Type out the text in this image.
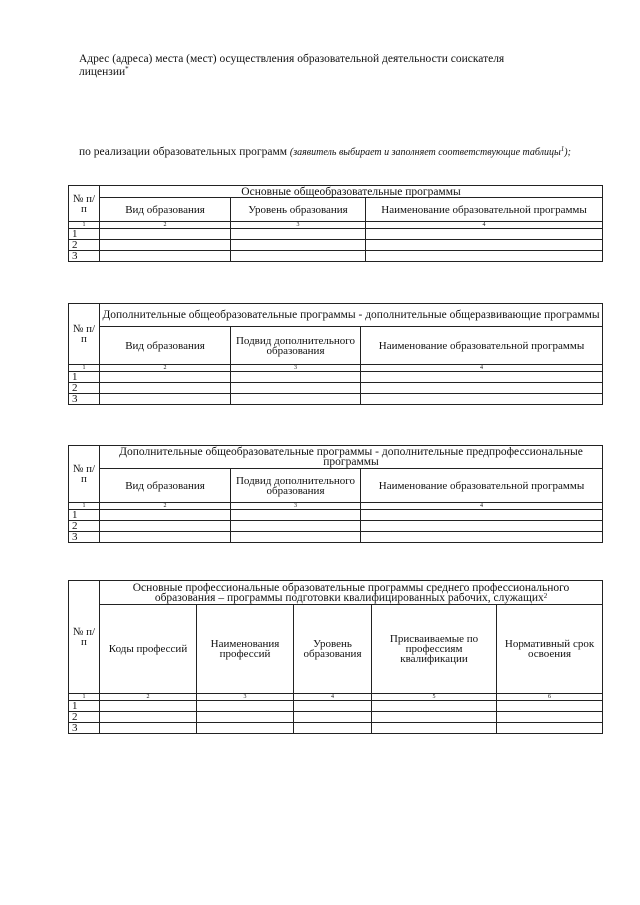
Адрес (адреса) места (мест) осуществления образовательной деятельности соискателя
лицензии*
по реализации образовательных программ (заявитель выбирает и заполняет соответствующие таблицы$^1$);
№ п/п	Основные общеобразовательные программы		
	Вид образования	Уровень образования	Наименование образовательной программы
1	2	3	4
1			
2			
3			
№ п/п	Дополнительные общеобразовательные программы - дополнительные общеразвивающие программы		
	Вид образования	Подвид дополнительного образования	Наименование образовательной программы
1	2	3	4
1			
2			
3			
№ п/п	Дополнительные общеобразовательные программы - дополнительные предпрофессиональные программы		
	Вид образования	Подвид дополнительного образования	Наименование образовательной программы
1	2	3	4
1			
2			
3			
№ п/п	Основные профессиональные образовательные программы среднего профессионального образования – программы подготовки квалифицированных рабочих, служащих$^2$
	Коды профессий	Наименования профессий	Уровень образования	Присваиваемые по профессиям квалификации	Нормативный срок освоения
1	2	3	4	5	6
1					
2					
3					
